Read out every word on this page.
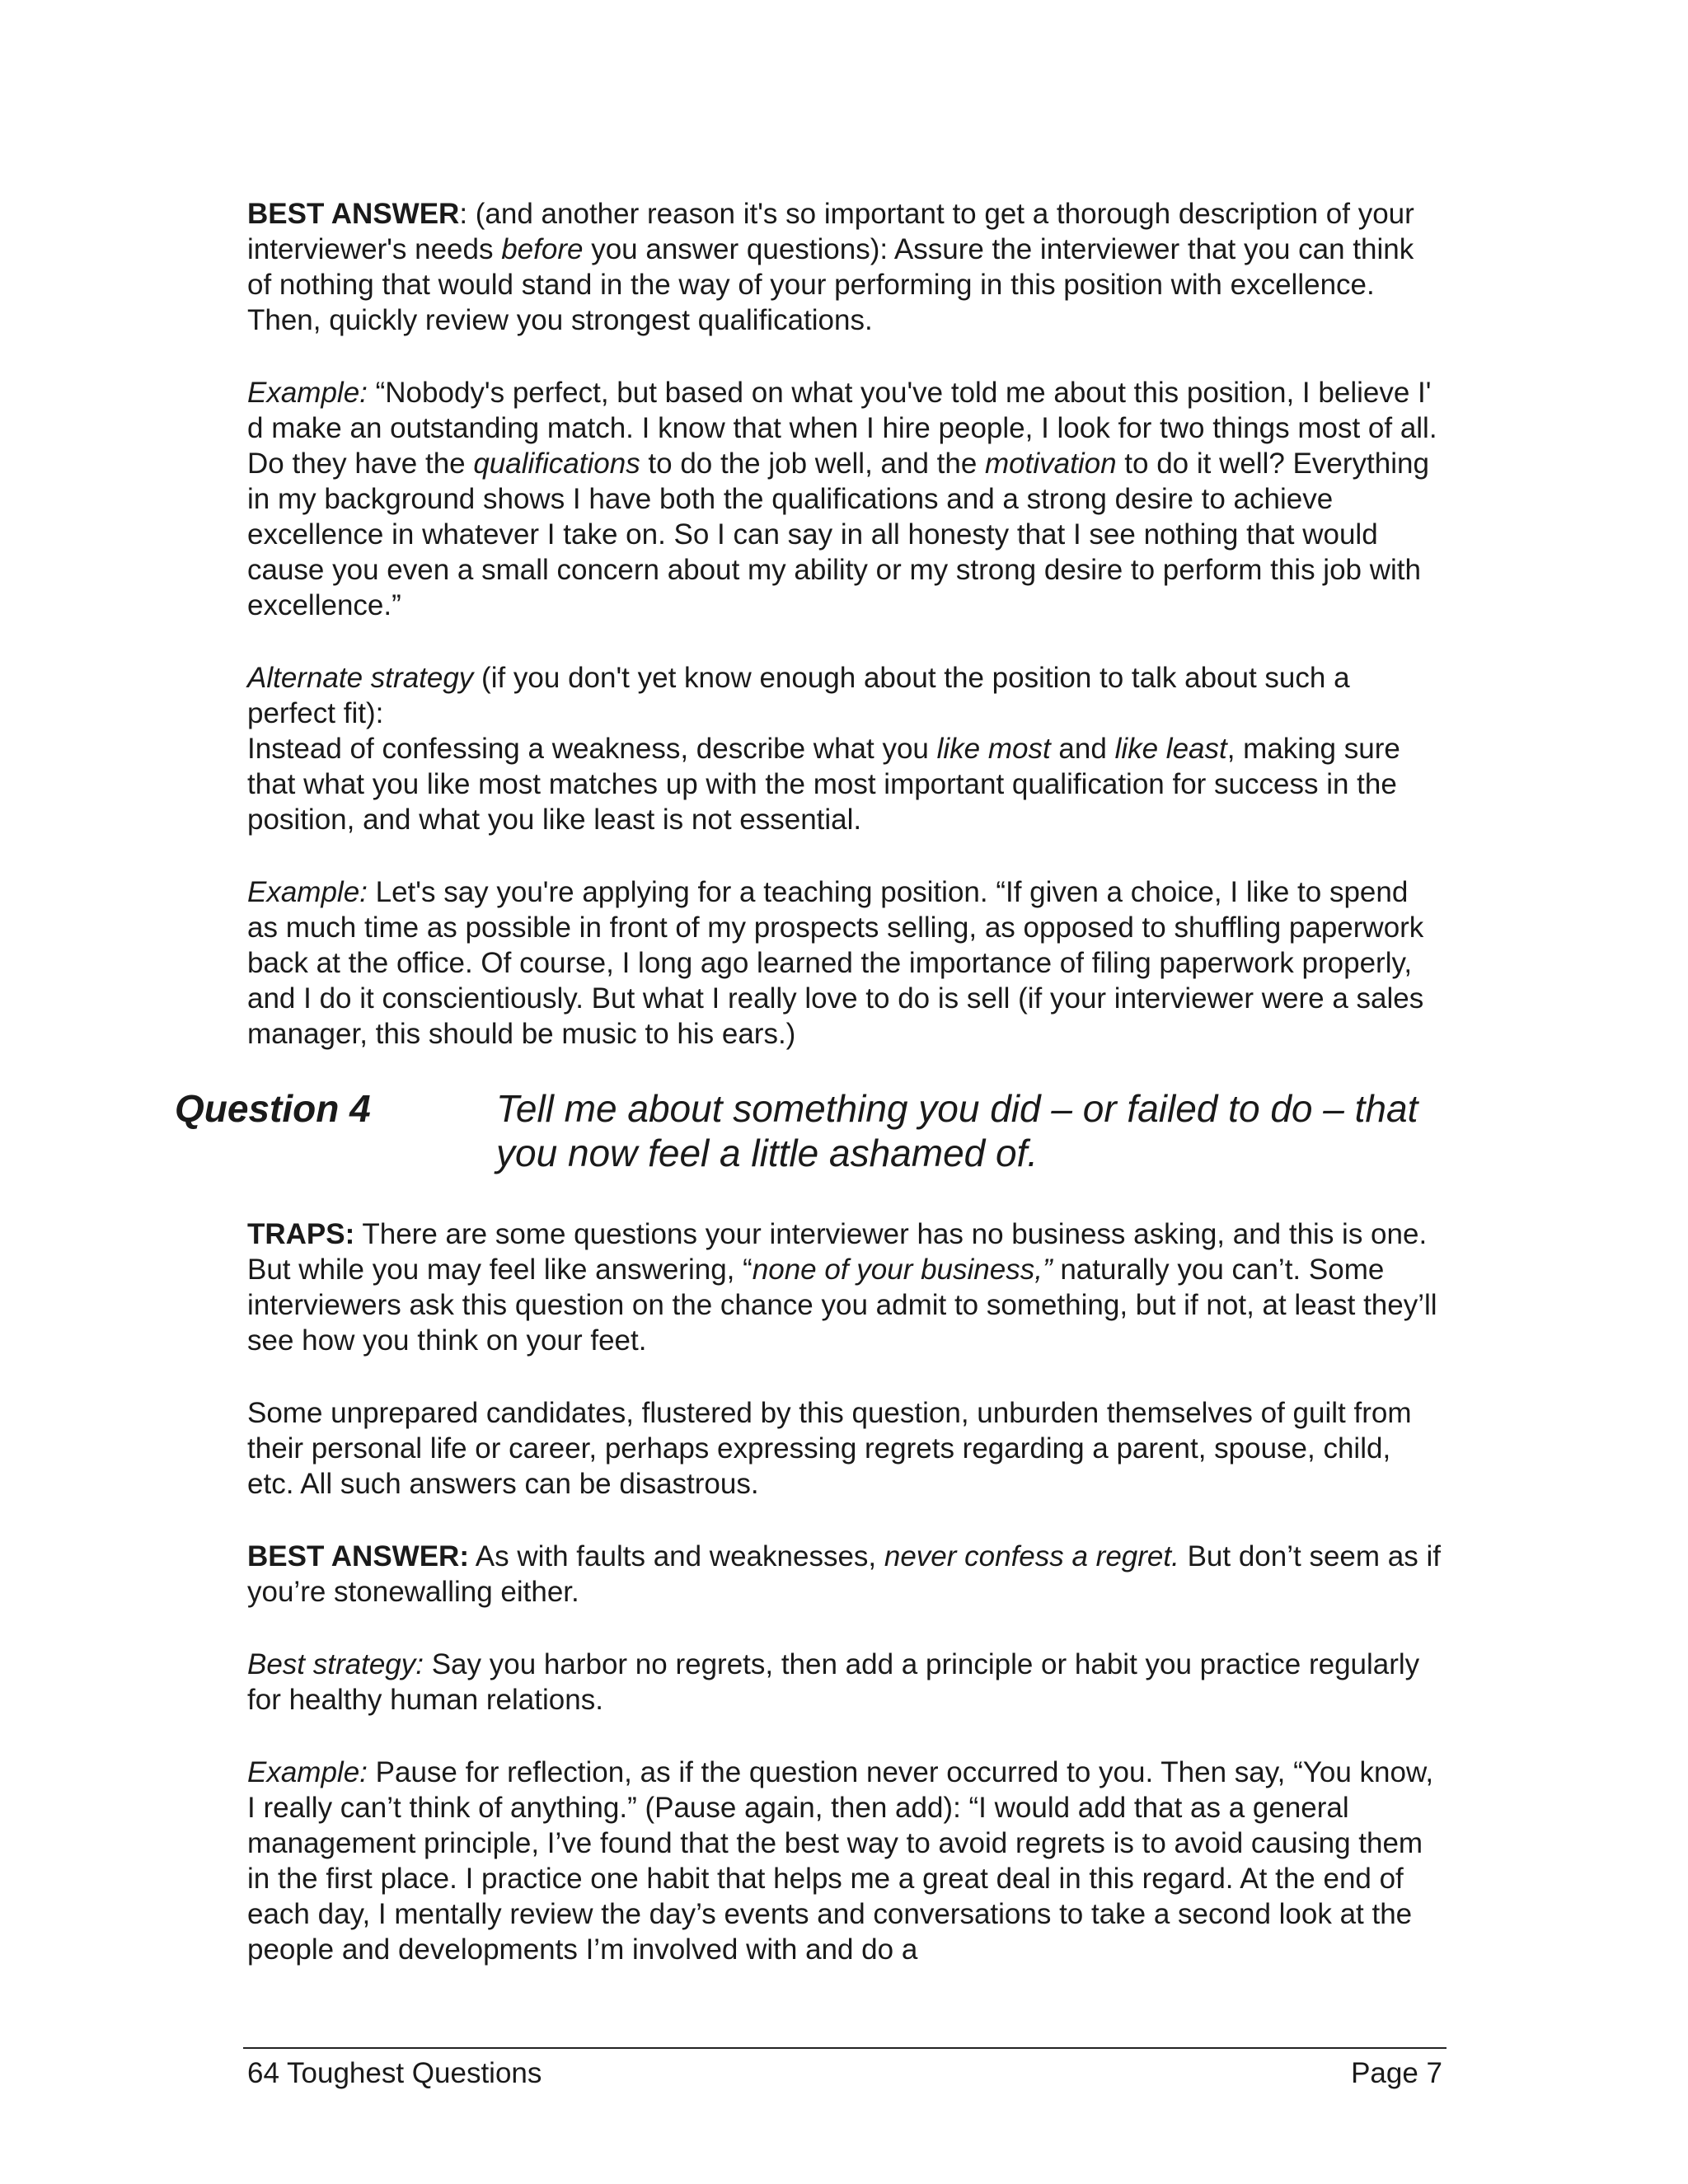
BEST ANSWER: (and another reason it's so important to get a thorough description of your interviewer's needs before you answer questions): Assure the interviewer that you can think of nothing that would stand in the way of your performing in this position with excellence. Then, quickly review you strongest qualifications.

Example: “Nobody's perfect, but based on what you've told me about this position, I believe I' d make an outstanding match. I know that when I hire people, I look for two things most of all. Do they have the qualifications to do the job well, and the motivation to do it well? Everything in my background shows I have both the qualifications and a strong desire to achieve excellence in whatever I take on. So I can say in all honesty that I see nothing that would cause you even a small concern about my ability or my strong desire to perform this job with excellence.”

Alternate strategy (if you don't yet know enough about the position to talk about such a perfect fit):

Instead of confessing a weakness, describe what you like most and like least, making sure that what you like most matches up with the most important qualification for success in the position, and what you like least is not essential.

Example: Let's say you're applying for a teaching position. “If given a choice, I like to spend as much time as possible in front of my prospects selling, as opposed to shuffling paperwork back at the office. Of course, I long ago learned the importance of filing paperwork properly, and I do it conscientiously. But what I really love to do is sell (if your interviewer were a sales manager, this should be music to his ears.)

Question 4	Tell me about something you did – or failed to do – that you now feel a little ashamed of.

TRAPS: There are some questions your interviewer has no business asking, and this is one. But while you may feel like answering, “none of your business,” naturally you can’t. Some interviewers ask this question on the chance you admit to something, but if not, at least they’ll see how you think on your feet.

Some unprepared candidates, flustered by this question, unburden themselves of guilt from their personal life or career, perhaps expressing regrets regarding a parent, spouse, child, etc. All such answers can be disastrous.

BEST ANSWER: As with faults and weaknesses, never confess a regret. But don’t seem as if you’re stonewalling either.

Best strategy: Say you harbor no regrets, then add a principle or habit you practice regularly for healthy human relations.

Example: Pause for reflection, as if the question never occurred to you. Then say, “You know, I really can’t think of anything.” (Pause again, then add): “I would add that as a general management principle, I’ve found that the best way to avoid regrets is to avoid causing them in the first place. I practice one habit that helps me a great deal in this regard. At the end of each day, I mentally review the day’s events and conversations to take a second look at the people and developments I’m involved with and do a

64 Toughest Questions	Page 7
